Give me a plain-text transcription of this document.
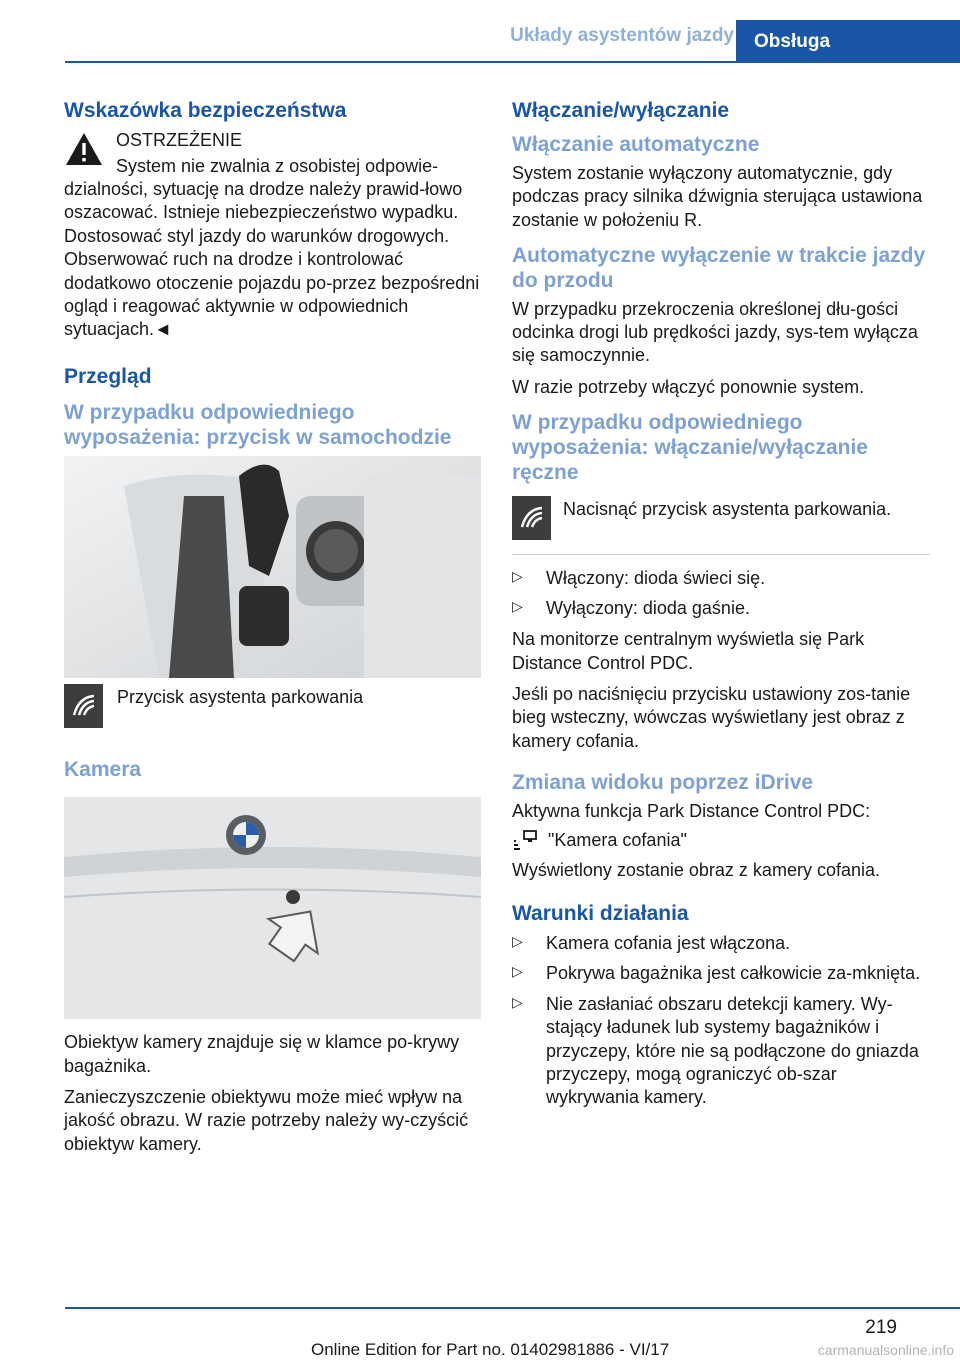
Układy asystentów jazdy	Obsługa
Wskazówka bezpieczeństwa
OSTRZEŻENIE
System nie zwalnia z osobistej odpowie-dzialności, sytuację na drodze należy prawid-łowo oszacować. Istnieje niebezpieczeństwo wypadku. Dostosować styl jazdy do warunków drogowych. Obserwować ruch na drodze i kontrolować dodatkowo otoczenie pojazdu po-przez bezpośredni ogląd i reagować aktywnie w odpowiednich sytuacjach.◄
Przegląd
W przypadku odpowiedniego wyposażenia: przycisk w samochodzie
Przycisk asystenta parkowania
Kamera

Obiektyw kamery znajduje się w klamce po-krywy bagażnika.

Zanieczyszczenie obiektywu może mieć wpływ na jakość obrazu. W razie potrzeby należy wy-czyścić obiektyw kamery.

Włączanie/wyłączanie
Włączanie automatyczne

System zostanie wyłączony automatycznie, gdy podczas pracy silnika dźwignia sterująca ustawiona zostanie w położeniu R.

Automatyczne wyłączenie w trakcie jazdy do przodu

W przypadku przekroczenia określonej dłu-gości odcinka drogi lub prędkości jazdy, sys-tem wyłącza się samoczynnie.

W razie potrzeby włączyć ponownie system.

W przypadku odpowiedniego wyposażenia: włączanie/wyłączanie ręczne
Nacisnąć przycisk asystenta parkowania.
▷ Włączony: dioda świeci się.
▷ Wyłączony: dioda gaśnie.

Na monitorze centralnym wyświetla się Park Distance Control PDC.

Jeśli po naciśnięciu przycisku ustawiony zos-tanie bieg wsteczny, wówczas wyświetlany jest obraz z kamery cofania.

Zmiana widoku poprzez iDrive

Aktywna funkcja Park Distance Control PDC:

"Kamera cofania"

Wyświetlony zostanie obraz z kamery cofania.

Warunki działania
▷ Kamera cofania jest włączona.
▷ Pokrywa bagażnika jest całkowicie za-mknięta.
▷ Nie zasłaniać obszaru detekcji kamery. Wy-stający ładunek lub systemy bagażników i przyczepy, które nie są podłączone do gniazda przyczepy, mogą ograniczyć ob-szar wykrywania kamery.
219
Online Edition for Part no. 01402981886 - VI/17	carmanualsonline.info
